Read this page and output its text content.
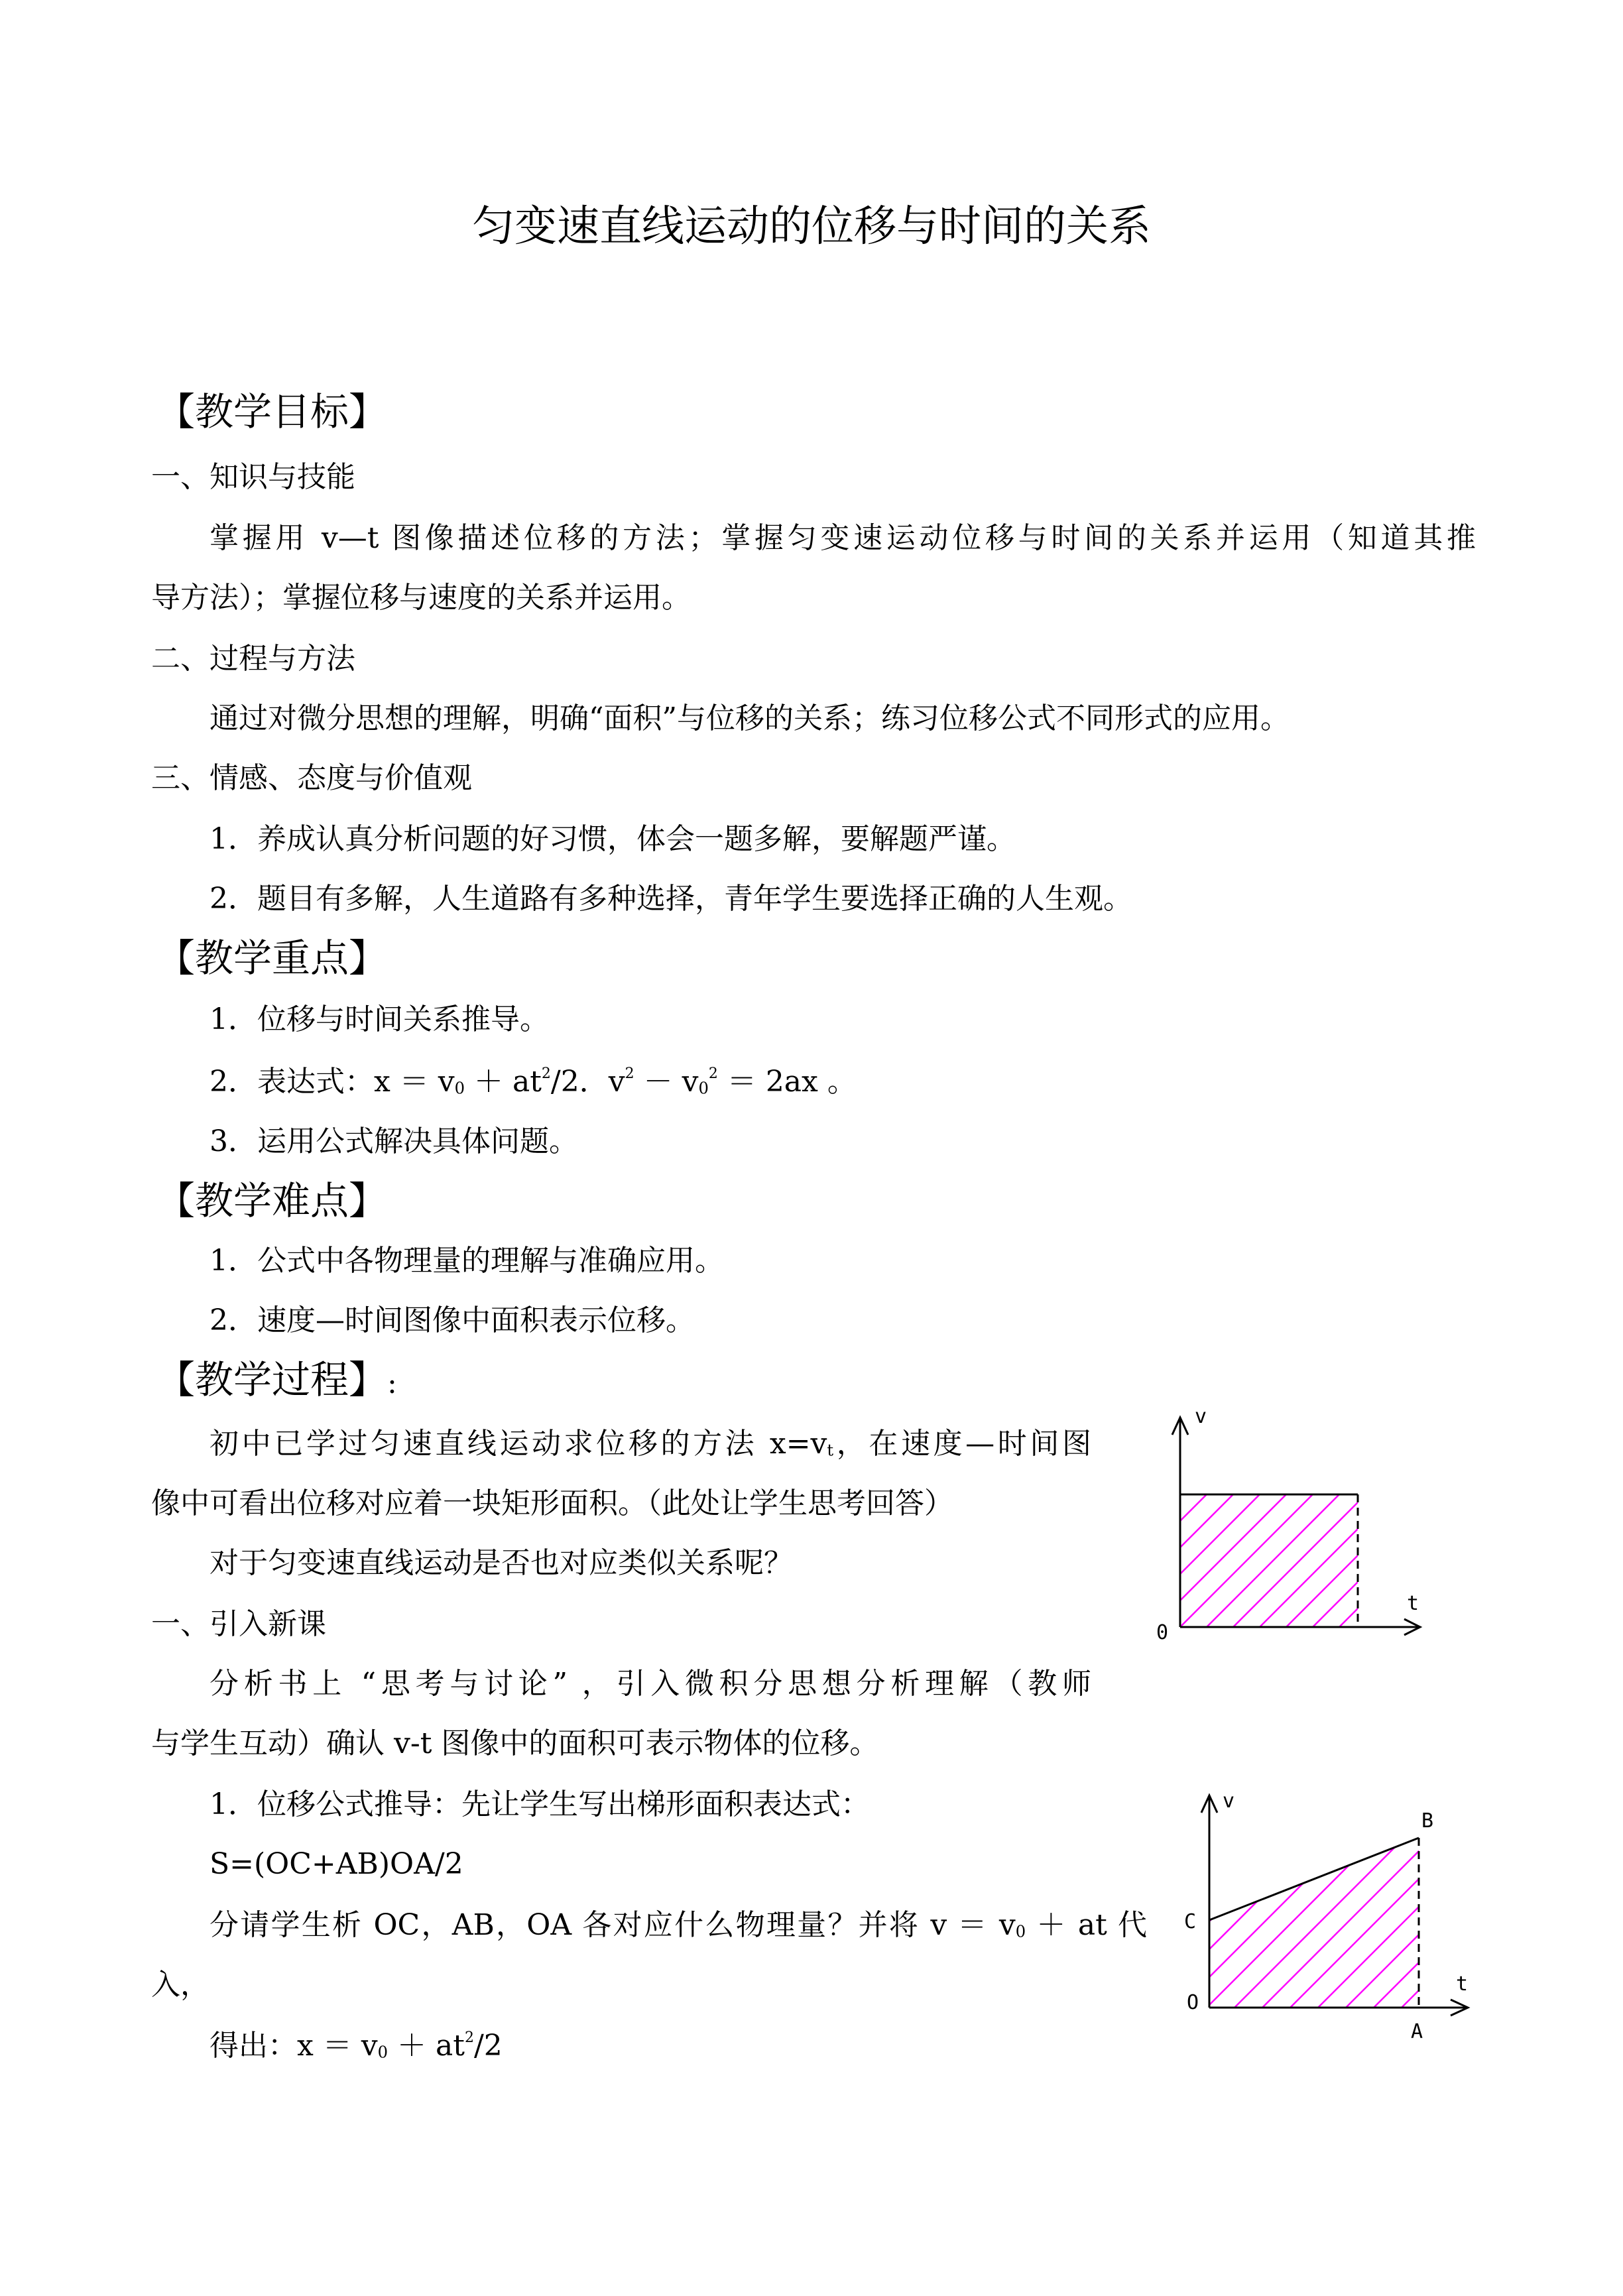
匀变速直线运动的位移与时间的关系
【教学目标】
一、知识与技能
掌握用 v—t 图像描述位移的方法；掌握匀变速运动位移与时间的关系并运用（知道其推
导方法）；掌握位移与速度的关系并运用。
二、过程与方法
通过对微分思想的理解，明确“面积”与位移的关系；练习位移公式不同形式的应用。
三、情感、态度与价值观
1．养成认真分析问题的好习惯，体会一题多解，要解题严谨。
2．题目有多解，人生道路有多种选择，青年学生要选择正确的人生观。
【教学重点】
1．位移与时间关系推导。
2．表达式：$x = v_0 + at^2/2$．$v^2 - v_0^2 = 2ax$ 。
3．运用公式解决具体问题。
【教学难点】
1．公式中各物理量的理解与准确应用。
2．速度—时间图像中面积表示位移。
【教学过程】:
初中已学过匀速直线运动求位移的方法 $x=v_t$，在速度—时间图
像中可看出位移对应着一块矩形面积。（此处让学生思考回答）
对于匀变速直线运动是否也对应类似关系呢？
一、引入新课
分析书上 “思考与讨论” ，引入微积分思想分析理解（教师
与学生互动）确认 v-t 图像中的面积可表示物体的位移。
1．位移公式推导：先让学生写出梯形面积表达式：
S=(OC+AB)OA/2
分请学生析 OC，AB，OA 各对应什么物理量？并将 $v = v_0$ ＋ at 代
入，
得出：$x = v_0 + at^2/2$
v
t
0
v
t
O
B
C
A
